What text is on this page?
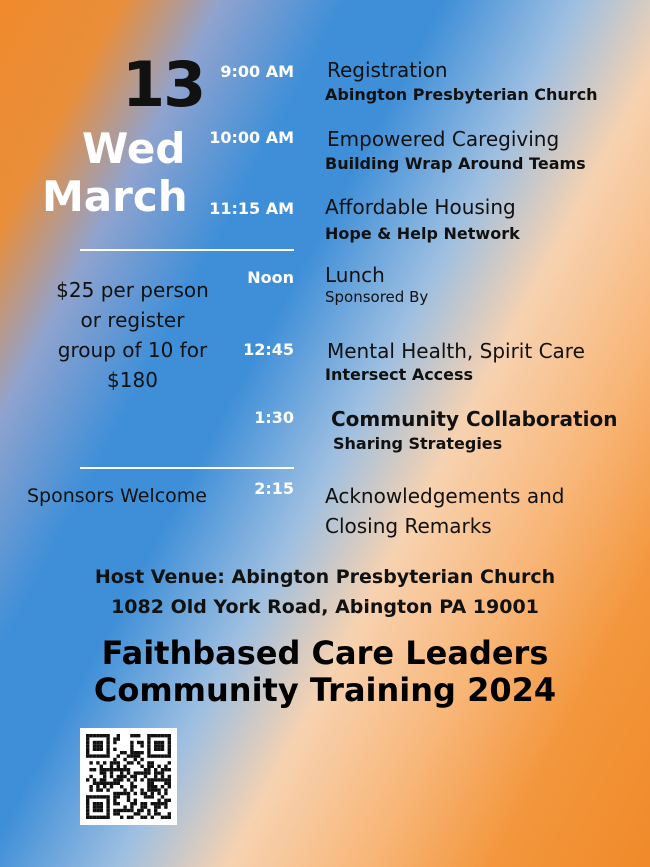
13
Wed
March
$25 per person
or register
group of 10 for
$180
Sponsors Welcome
9:00 AM
10:00 AM
11:15 AM
Noon
12:45
1:30
2:15
Registration
Abington Presbyterian Church
Empowered Caregiving
Building Wrap Around Teams
Affordable Housing
Hope & Help Network
Lunch
Sponsored By
Mental Health, Spirit Care
Intersect Access
Community Collaboration
Sharing Strategies
Acknowledgements and
Closing Remarks
Host Venue: Abington Presbyterian Church
1082 Old York Road, Abington PA 19001
Faithbased Care Leaders
Community Training 2024
